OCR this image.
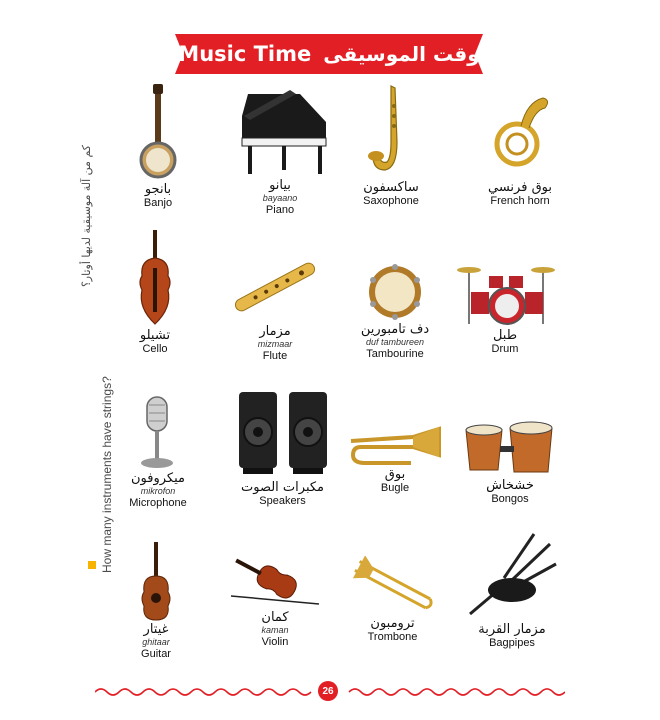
Music Time وقت الموسيقى
كم من آلة موسيقية لديها أوتار؟
How many instruments have strings?
بانجو
Banjo
بيانو
bayaano
Piano
ساكسفون
Saxophone
بوق فرنسي
French horn
تشيلو
Cello
مزمار
mizmaar
Flute
دف تامبورين
duf tambureen
Tambourine
طبل
Drum
ميكروفون
mikrofon
Microphone
مكبرات الصوت
Speakers
بوق
Bugle	خشخاش
Bongos
غيتار
ghitaar
Guitar
كمان
kaman
Violin
ترومبون
Trombone	مزمار القربة
Bagpipes
26
